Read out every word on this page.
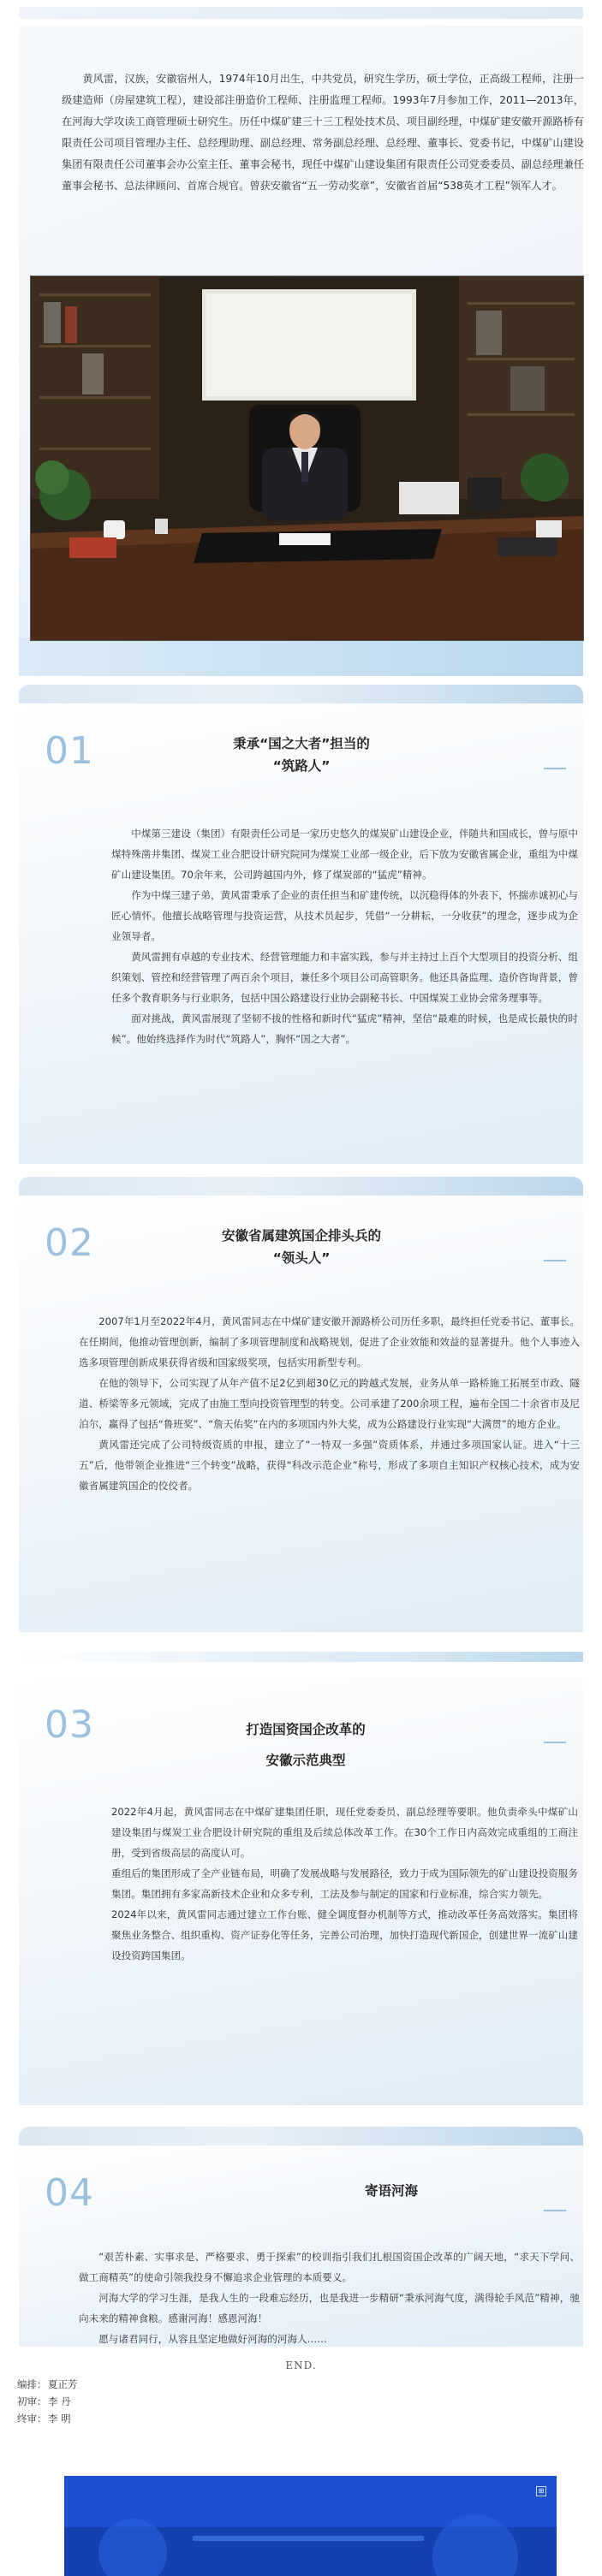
黄风雷，汉族，安徽宿州人，1974年10月出生，中共党员，研究生学历，硕士学位，正高级工程师，注册一级建造师（房屋建筑工程），建设部注册造价工程师、注册监理工程师。1993年7月参加工作，2011—2013年，在河海大学攻读工商管理硕士研究生。历任中煤矿建三十三工程处技术员、项目副经理，中煤矿建安徽开源路桥有限责任公司项目管理办主任、总经理助理、副总经理、常务副总经理、总经理、董事长、党委书记，中煤矿山建设集团有限责任公司董事会办公室主任、董事会秘书，现任中煤矿山建设集团有限责任公司党委委员、副总经理兼任董事会秘书、总法律顾问、首席合规官。曾获安徽省“五一劳动奖章”，安徽省首届“538英才工程”领军人才。
01	秉承“国之大者”担当的
“筑路人”

中煤第三建设（集团）有限责任公司是一家历史悠久的煤炭矿山建设企业，伴随共和国成长，曾与原中煤特殊凿井集团、煤炭工业合肥设计研究院同为煤炭工业部一级企业，后下放为安徽省属企业，重组为中煤矿山建设集团。70余年来，公司跨越国内外，修了煤炭部的“猛虎”精神。

作为中煤三建子弟，黄风雷秉承了企业的责任担当和矿建传统，以沉稳得体的外表下，怀揣赤诚初心与匠心情怀。他擅长战略管理与投资运营，从技术员起步，凭借“一分耕耘，一分收获”的理念，逐步成为企业领导者。

黄风雷拥有卓越的专业技术、经营管理能力和丰富实践，参与并主持过上百个大型项目的投资分析、组织策划、管控和经营管理了两百余个项目，兼任多个项目公司高管职务。他还具备监理、造价咨询背景，曾任多个教育职务与行业职务，包括中国公路建设行业协会副秘书长、中国煤炭工业协会常务理事等。

面对挑战，黄风雷展现了坚韧不拔的性格和新时代“猛虎”精神，坚信“最难的时候，也是成长最快的时候”。他始终选择作为时代“筑路人”，胸怀“国之大者”。

02	安徽省属建筑国企排头兵的
“领头人”

2007年1月至2022年4月，黄风雷同志在中煤矿建安徽开源路桥公司历任多职，最终担任党委书记、董事长。在任期间，他推动管理创新，编制了多项管理制度和战略规划，促进了企业效能和效益的显著提升。他个人事迹入选多项管理创新成果获得省级和国家级奖项，包括实用新型专利。

在他的领导下，公司实现了从年产值不足2亿到超30亿元的跨越式发展，业务从单一路桥施工拓展至市政、隧道、桥梁等多元领域，完成了由施工型向投资管理型的转变。公司承建了200余项工程，遍布全国二十余省市及尼泊尔，赢得了包括“鲁班奖”、“詹天佑奖”在内的多项国内外大奖，成为公路建设行业实现“大满贯”的地方企业。

黄风雷还完成了公司特级资质的申报，建立了“一特双一多强”资质体系，并通过多项国家认证。进入“十三五”后，他带领企业推进“三个转变”战略，获得“科改示范企业”称号，形成了多项自主知识产权核心技术，成为安徽省属建筑国企的佼佼者。

03	打造国资国企改革的
安徽示范典型

2022年4月起，黄风雷同志在中煤矿建集团任职，现任党委委员、副总经理等要职。他负责牵头中煤矿山建设集团与煤炭工业合肥设计研究院的重组及后续总体改革工作。在30个工作日内高效完成重组的工商注册，受到省级高层的高度认可。

重组后的集团形成了全产业链布局，明确了发展战略与发展路径，致力于成为国际领先的矿山建设投资服务集团。集团拥有多家高新技术企业和众多专利，工法及参与制定的国家和行业标准，综合实力领先。

2024年以来，黄风雷同志通过建立工作台账、健全调度督办机制等方式，推动改革任务高效落实。集团将聚焦业务整合、组织重构、资产证券化等任务，完善公司治理，加快打造现代新国企，创建世界一流矿山建设投资跨国集团。

04	寄语河海

“艰苦朴素、实事求是、严格要求、勇于探索”的校训指引我们扎根国资国企改革的广阔天地，“求天下学问、做工商精英”的使命引领我投身不懈追求企业管理的本质要义。

河海大学的学习生涯，是我人生的一段难忘经历，也是我进一步精研“秉承河海气度，满得轮手风范”精神，驰向未来的精神食粮。感谢河海！感恩河海！

愿与诸君同行，从容且坚定地做好河海的河海人……

END.
编排： 夏正芳
初审： 李 丹
终审： 李 明
⊞
